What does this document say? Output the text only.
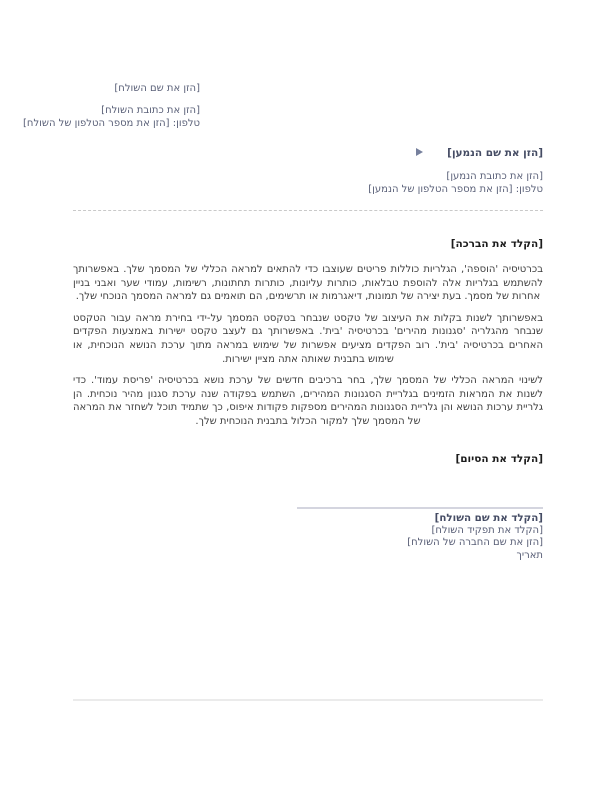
[הזן את שם השולח]
[הזן את כתובת השולח]
טלפון: [הזן את מספר הטלפון של השולח]
[הזן את שם הנמען]
[הזן את כתובת הנמען]
טלפון: [הזן את מספר הטלפון של הנמען]
[הקלד את הברכה]

בכרטיסיה 'הוספה', הגלריות כוללות פריטים שעוצבו כדי להתאים למראה הכללי של המסמך שלך. באפשרותך להשתמש בגלריות אלה להוספת טבלאות, כותרות עליונות, כותרות תחתונות, רשימות, עמודי שער ואבני בניין אחרות של מסמך. בעת יצירה של תמונות, דיאגרמות או תרשימים, הם תואמים גם למראה המסמך הנוכחי שלך.

באפשרותך לשנות בקלות את העיצוב של טקסט שנבחר בטקסט המסמך על-ידי בחירת מראה עבור הטקסט שנבחר מהגלריה 'סגנונות מהירים' בכרטיסיה 'בית'. באפשרותך גם לעצב טקסט ישירות באמצעות הפקדים האחרים בכרטיסיה 'בית'. רוב הפקדים מציעים אפשרות של שימוש במראה מתוך ערכת הנושא הנוכחית, או שימוש בתבנית שאותה אתה מציין ישירות.

לשינוי המראה הכללי של המסמך שלך, בחר ברכיבים חדשים של ערכת נושא בכרטיסיה 'פריסת עמוד'. כדי לשנות את המראות הזמינים בגלריית הסגנונות המהירים, השתמש בפקודה שנה ערכת סגנון מהיר נוכחית. הן גלריית ערכות הנושא והן גלריית הסגנונות המהירים מספקות פקודות איפוס, כך שתמיד תוכל לשחזר את המראה של המסמך שלך למקור הכלול בתבנית הנוכחית שלך.

[הקלד את הסיום]
[הקלד את שם השולח]
[הקלד את תפקיד השולח]
[הזן את שם החברה של השולח]
תאריך
